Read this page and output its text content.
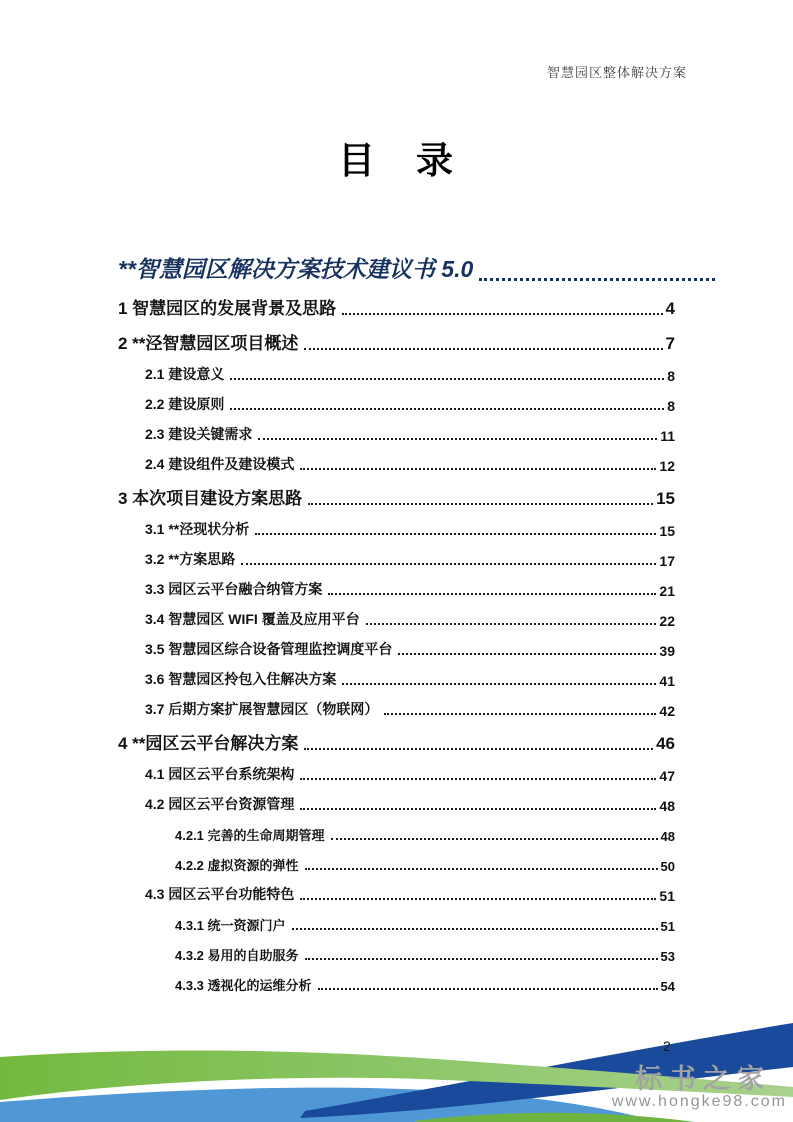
智慧园区整体解决方案
目　录
**智慧园区解决方案技术建议书 5.0
1 智慧园区的发展背景及思路	4
2 **泾智慧园区项目概述	7
2.1 建设意义	8
2.2 建设原则	8
2.3 建设关键需求	11
2.4 建设组件及建设模式	12
3 本次项目建设方案思路	15
3.1 **泾现状分析	15
3.2 **方案思路	17
3.3 园区云平台融合纳管方案	21
3.4 智慧园区 WIFI 覆盖及应用平台	22
3.5 智慧园区综合设备管理监控调度平台	39
3.6 智慧园区拎包入住解决方案	41
3.7 后期方案扩展智慧园区（物联网）	42
4 **园区云平台解决方案	46
4.1 园区云平台系统架构	47
4.2 园区云平台资源管理	48
4.2.1 完善的生命周期管理	48
4.2.2 虚拟资源的弹性	50
4.3 园区云平台功能特色	51
4.3.1 统一资源门户	51
4.3.2 易用的自助服务	53
4.3.3 透视化的运维分析	54
2
标书之家
www.hongke98.com
